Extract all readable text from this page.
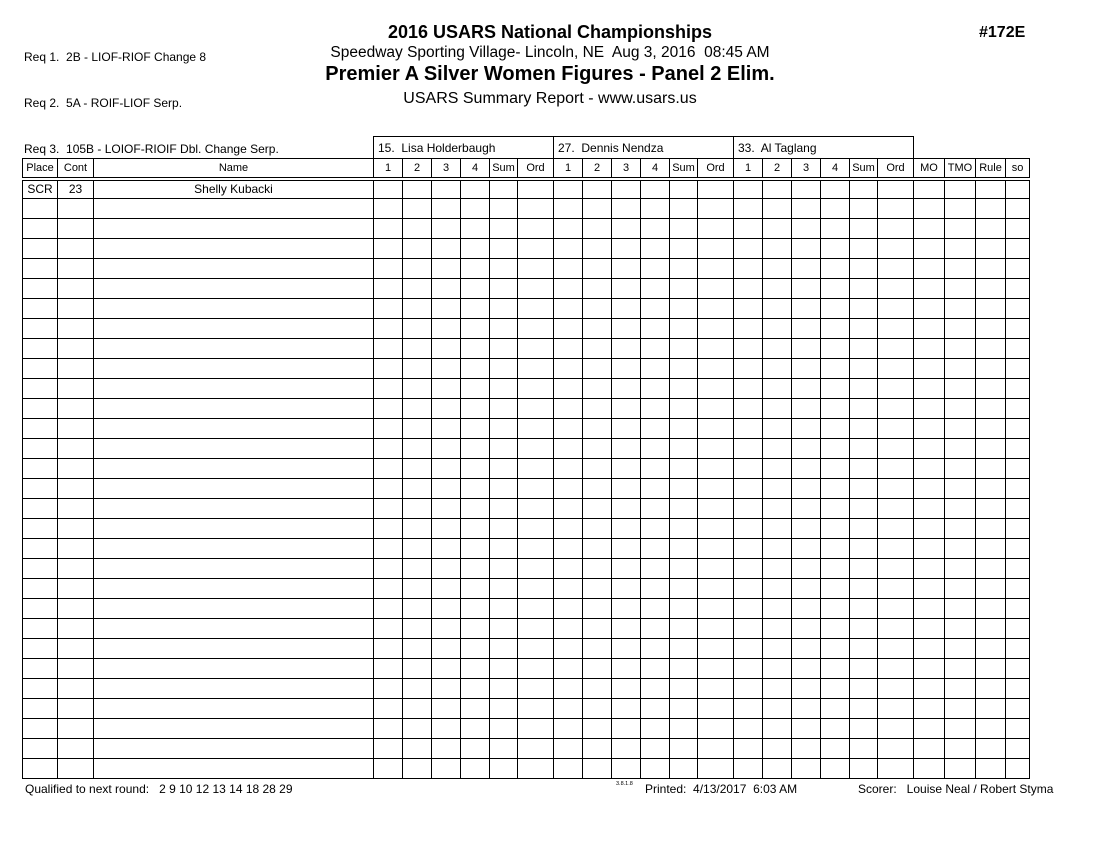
Req 1.  2B - LIOF-RIOF Change 8

Req 2.  5A - ROIF-LIOF Serp.

Req 3.  105B - LOIOF-RIOIF Dbl. Change Serp.

2016 USARS National Championships
Speedway Sporting Village- Lincoln, NE  Aug 3, 2016  08:45 AM
Premier A Silver Women Figures - Panel 2 Elim.
USARS Summary Report - www.usars.us
#172E
			15.  Lisa Holderbaugh						27.  Dennis Nendza						33.  Al Taglang									
Place	Cont	Name	1	2	3	4	Sum	Ord	1	2	3	4	Sum	Ord	1	2	3	4	Sum	Ord	MO	TMO	Rule	so
SCR	23	Shelly Kubacki																						

Qualified to next round:   2 9 10 12 13 14 18 28 29	3.8.1.8 Printed:  4/13/2017  6:03 AM	Scorer:   Louise Neal / Robert Styma
